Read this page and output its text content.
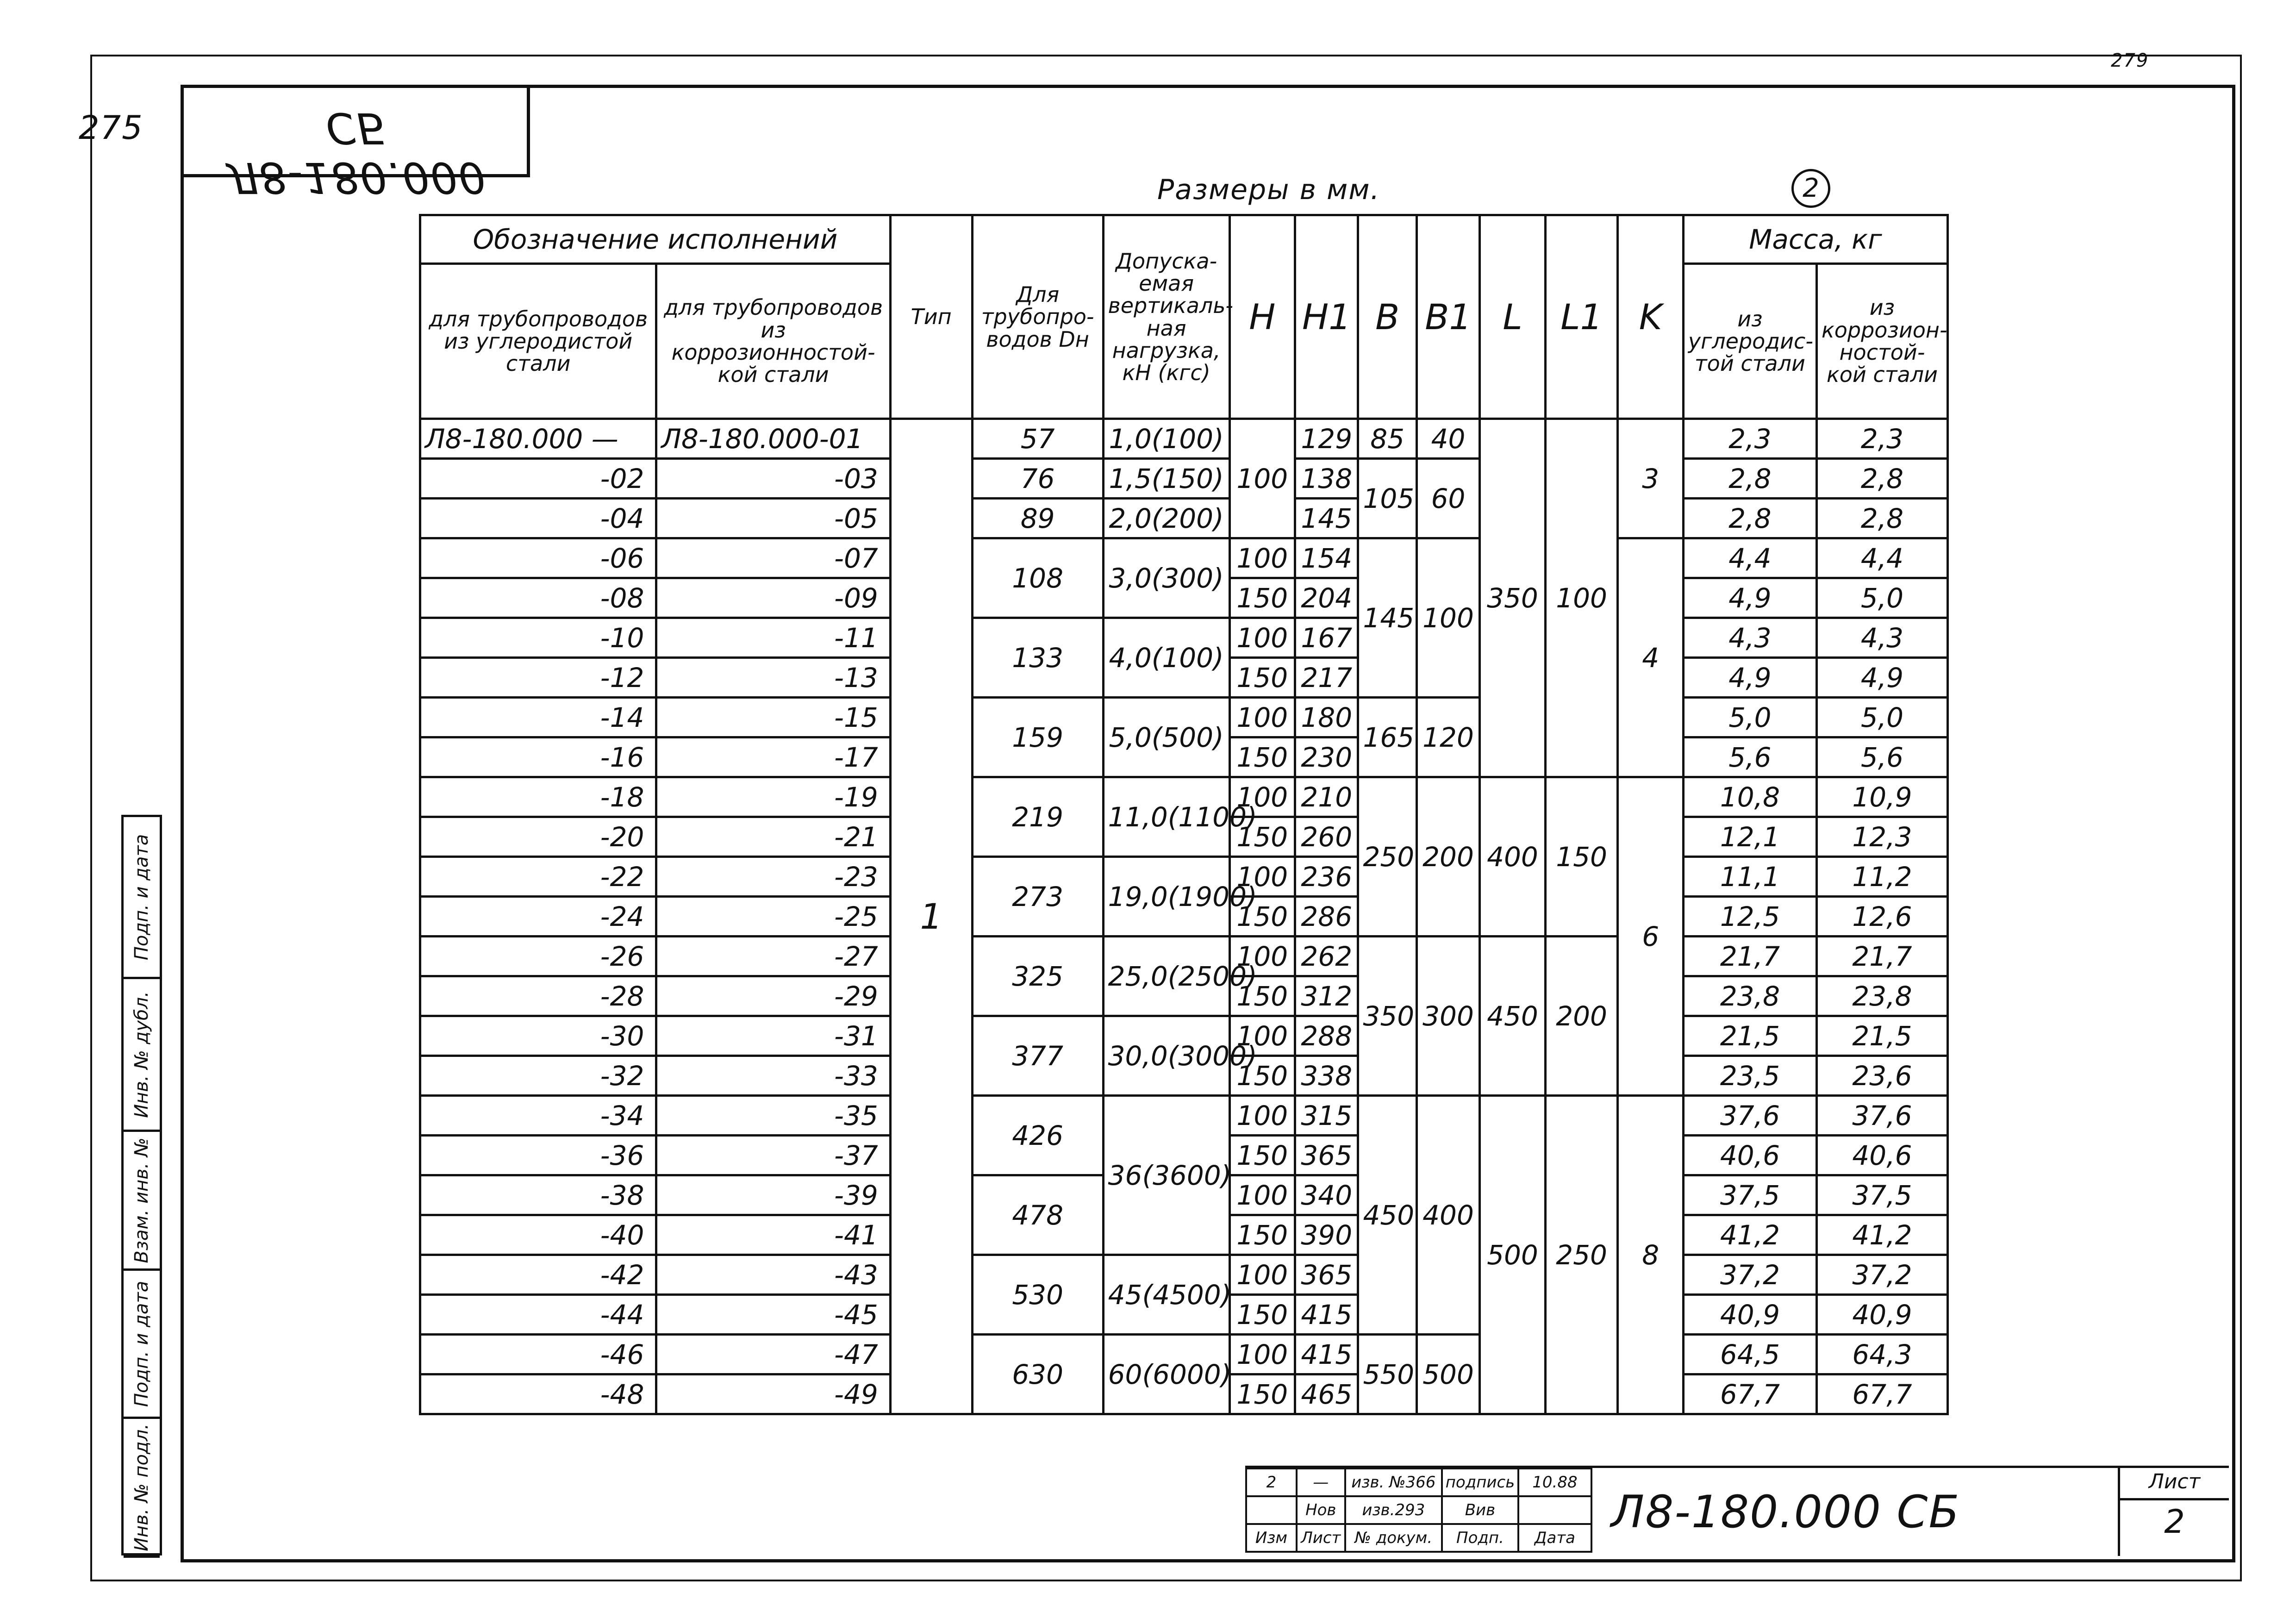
279
275
Л8-180.000 СБ
Размеры в мм.	2
Обозначение исполнений		Тип	Для трубопро-водов Dн	Допуска-емая вертикаль-ная нагрузка, кН (кгс)	H	H1	B	B1	L	L1	K	Масса, кг	
для трубопроводов из углеродистой стали	для трубопроводов из коррозионностой-кой стали											из углеродис-той стали	из коррозион-ностой-кой стали
Л8-180.000 —	Л8-180.000-01	1	57	1,0(100)	100	129	85	40	350	100	3	2,3	2,3
-02	-03		76	1,5(150)		138	105	60				2,8	2,8
-04	-05		89	2,0(200)		145						2,8	2,8
-06	-07		108	3,0(300)	100	154	145	100			4	4,4	4,4
-08	-09				150	204						4,9	5,0
-10	-11		133	4,0(100)	100	167						4,3	4,3
-12	-13				150	217						4,9	4,9
-14	-15		159	5,0(500)	100	180	165	120				5,0	5,0
-16	-17				150	230						5,6	5,6
-18	-19		219	11,0(1100)	100	210	250	200	400	150	6	10,8	10,9
-20	-21				150	260						12,1	12,3
-22	-23		273	19,0(1900)	100	236						11,1	11,2
-24	-25				150	286						12,5	12,6
-26	-27		325	25,0(2500)	100	262	350	300	450	200		21,7	21,7
-28	-29				150	312						23,8	23,8
-30	-31		377	30,0(3000)	100	288						21,5	21,5
-32	-33				150	338						23,5	23,6
-34	-35		426	36(3600)	100	315	450	400	500	250	8	37,6	37,6
-36	-37				150	365						40,6	40,6
-38	-39		478		100	340						37,5	37,5
-40	-41				150	390						41,2	41,2
-42	-43		530	45(4500)	100	365						37,2	37,2
-44	-45				150	415						40,9	40,9
-46	-47		630	60(6000)	100	415	550	500				64,5	64,3
-48	-49				150	465						67,7	67,7
Подп. и дата
Инв. № дубл.
Взам. инв. №
Подп. и дата
Инв. № подл.	2	—	изв. №366	подпись	10.88
	Нов	изв.293	Вив	
Изм	Лист	№ докум.	Подп.	Дата Л8-180.000 СБ
Лист
2
